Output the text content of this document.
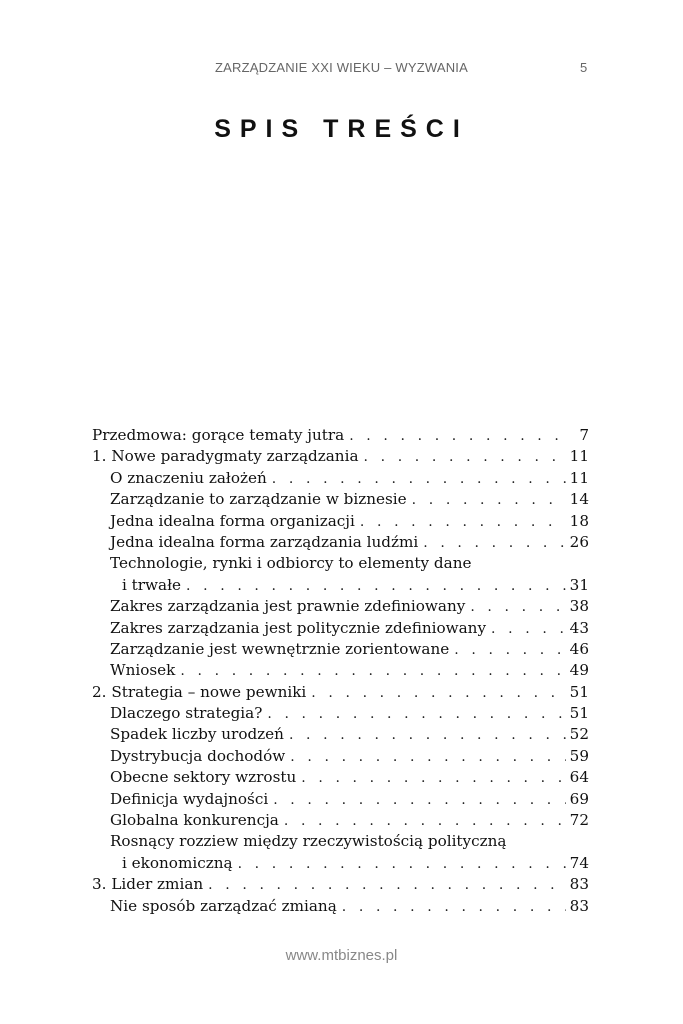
ZARZĄDZANIE XXI WIEKU – WYZWANIA	5
SPIS TREŚCI
Przedmowa: gorące tematy jutra . . .	7
1. Nowe paradygmaty zarządzania . . .	11
O znaczeniu założeń . . .	11
Zarządzanie to zarządzanie w biznesie . . .	14
Jedna idealna forma organizacji . . .	18
Jedna idealna forma zarządzania ludźmi . . .	26
Technologie, rynki i odbiorcy to elementy dane
i trwałe . . .	31
Zakres zarządzania jest prawnie zdefiniowany . . .	38
Zakres zarządzania jest politycznie zdefiniowany . . .	43
Zarządzanie jest wewnętrznie zorientowane . . .	46
Wniosek . . .	49
2. Strategia – nowe pewniki . . .	51
Dlaczego strategia? . . .	51
Spadek liczby urodzeń . . .	52
Dystrybucja dochodów . . .	59
Obecne sektory wzrostu . . .	64
Definicja wydajności . . .	69
Globalna konkurencja . . .	72
Rosnący rozziew między rzeczywistością polityczną
i ekonomiczną . . .	74
3. Lider zmian . . .	83
Nie sposób zarządzać zmianą . . .	83
www.mtbiznes.pl
